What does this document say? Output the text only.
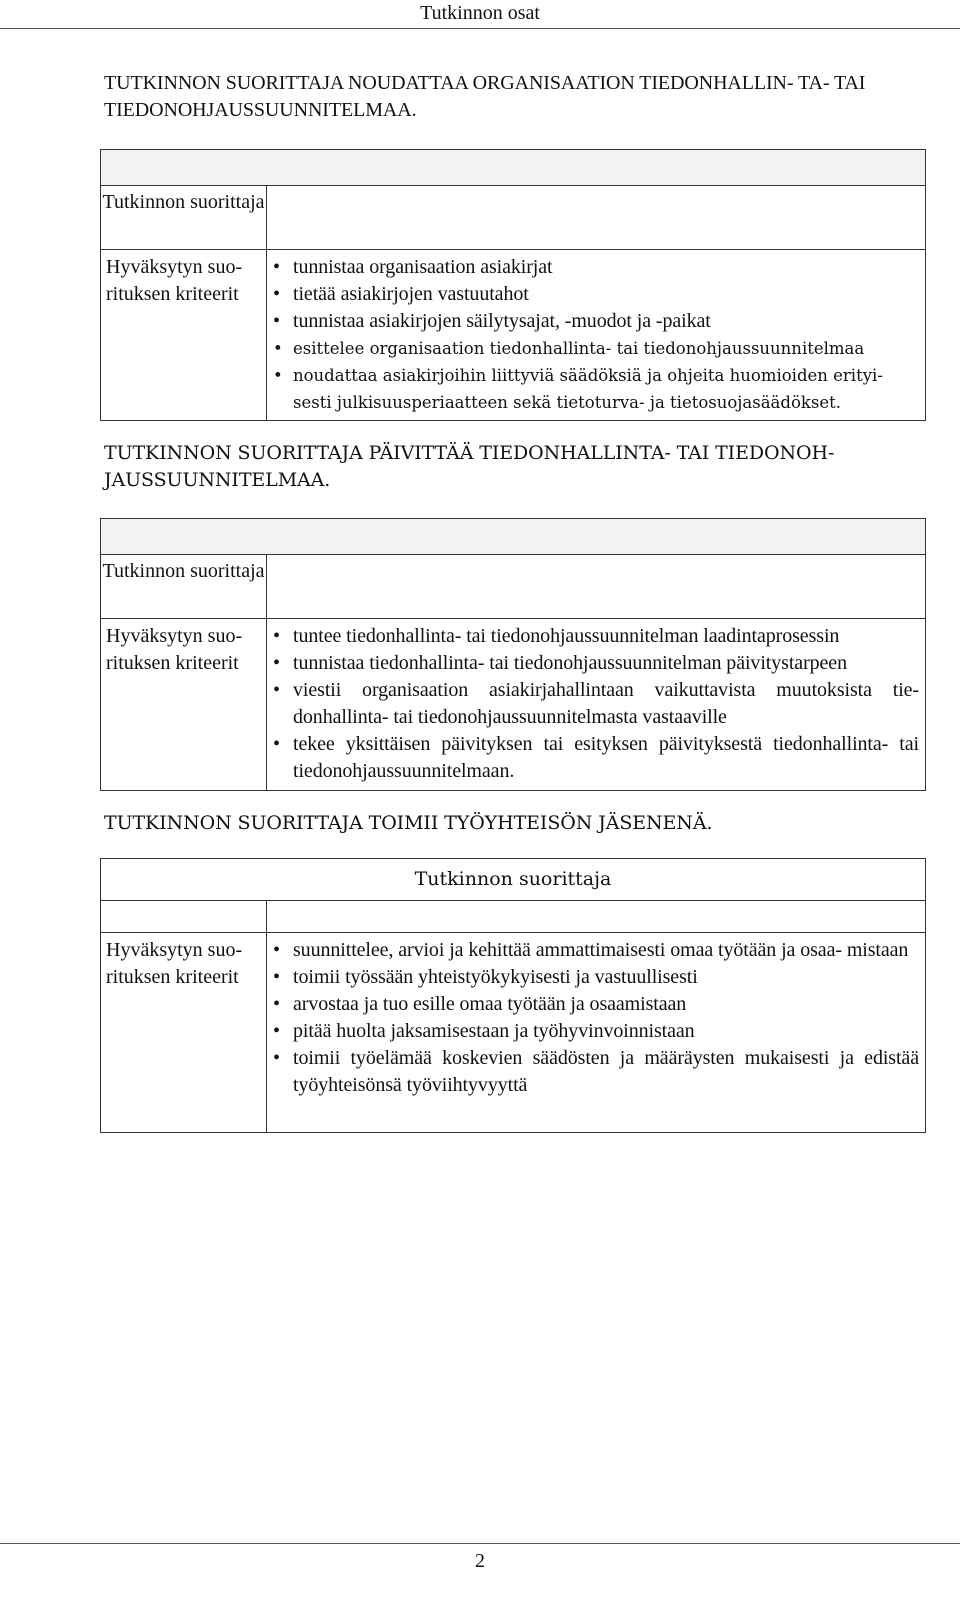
Tutkinnon osat
TUTKINNON SUORITTAJA NOUDATTAA ORGANISAATION TIEDONHALLIN- TA- TAI TIEDONOHJAUSSUUNNITELMAA.
Tutkinnon suorittaja
Hyväksytyn suo- rituksen kriteerit
• tunnistaa organisaation asiakirjat
• tietää asiakirjojen vastuutahot
• tunnistaa asiakirjojen säilytysajat, -muodot ja -paikat
• esittelee organisaation tiedonhallinta- tai tiedonohjaussuunnitelmaa
• noudattaa asiakirjoihin liittyviä säädöksiä ja ohjeita huomioiden erityi- sesti julkisuusperiaatteen sekä tietoturva- ja tietosuojasäädökset.
TUTKINNON SUORITTAJA PÄIVITTÄÄ TIEDONHALLINTA- TAI TIEDONOH- JAUSSUUNNITELMAA.
Tutkinnon suorittaja
Hyväksytyn suo- rituksen kriteerit
• tuntee tiedonhallinta- tai tiedonohjaussuunnitelman laadintaprosessin
• tunnistaa tiedonhallinta- tai tiedonohjaussuunnitelman päivitystarpeen
• viestii organisaation asiakirjahallintaan vaikuttavista muutoksista tie- donhallinta- tai tiedonohjaussuunnitelmasta vastaaville
• tekee yksittäisen päivityksen tai esityksen päivityksestä tiedonhallinta- tai tiedonohjaussuunnitelmaan.
TUTKINNON SUORITTAJA TOIMII TYÖYHTEISÖN JÄSENENÄ.
Tutkinnon suorittaja
Hyväksytyn suo- rituksen kriteerit
• suunnittelee, arvioi ja kehittää ammattimaisesti omaa työtään ja osaa- mistaan
• toimii työssään yhteistyökykyisesti ja vastuullisesti
• arvostaa ja tuo esille omaa työtään ja osaamistaan
• pitää huolta jaksamisestaan ja työhyvinvoinnistaan
• toimii työelämää koskevien säädösten ja määräysten mukaisesti ja edistää työyhteisönsä työviihtyvyyttä
2
